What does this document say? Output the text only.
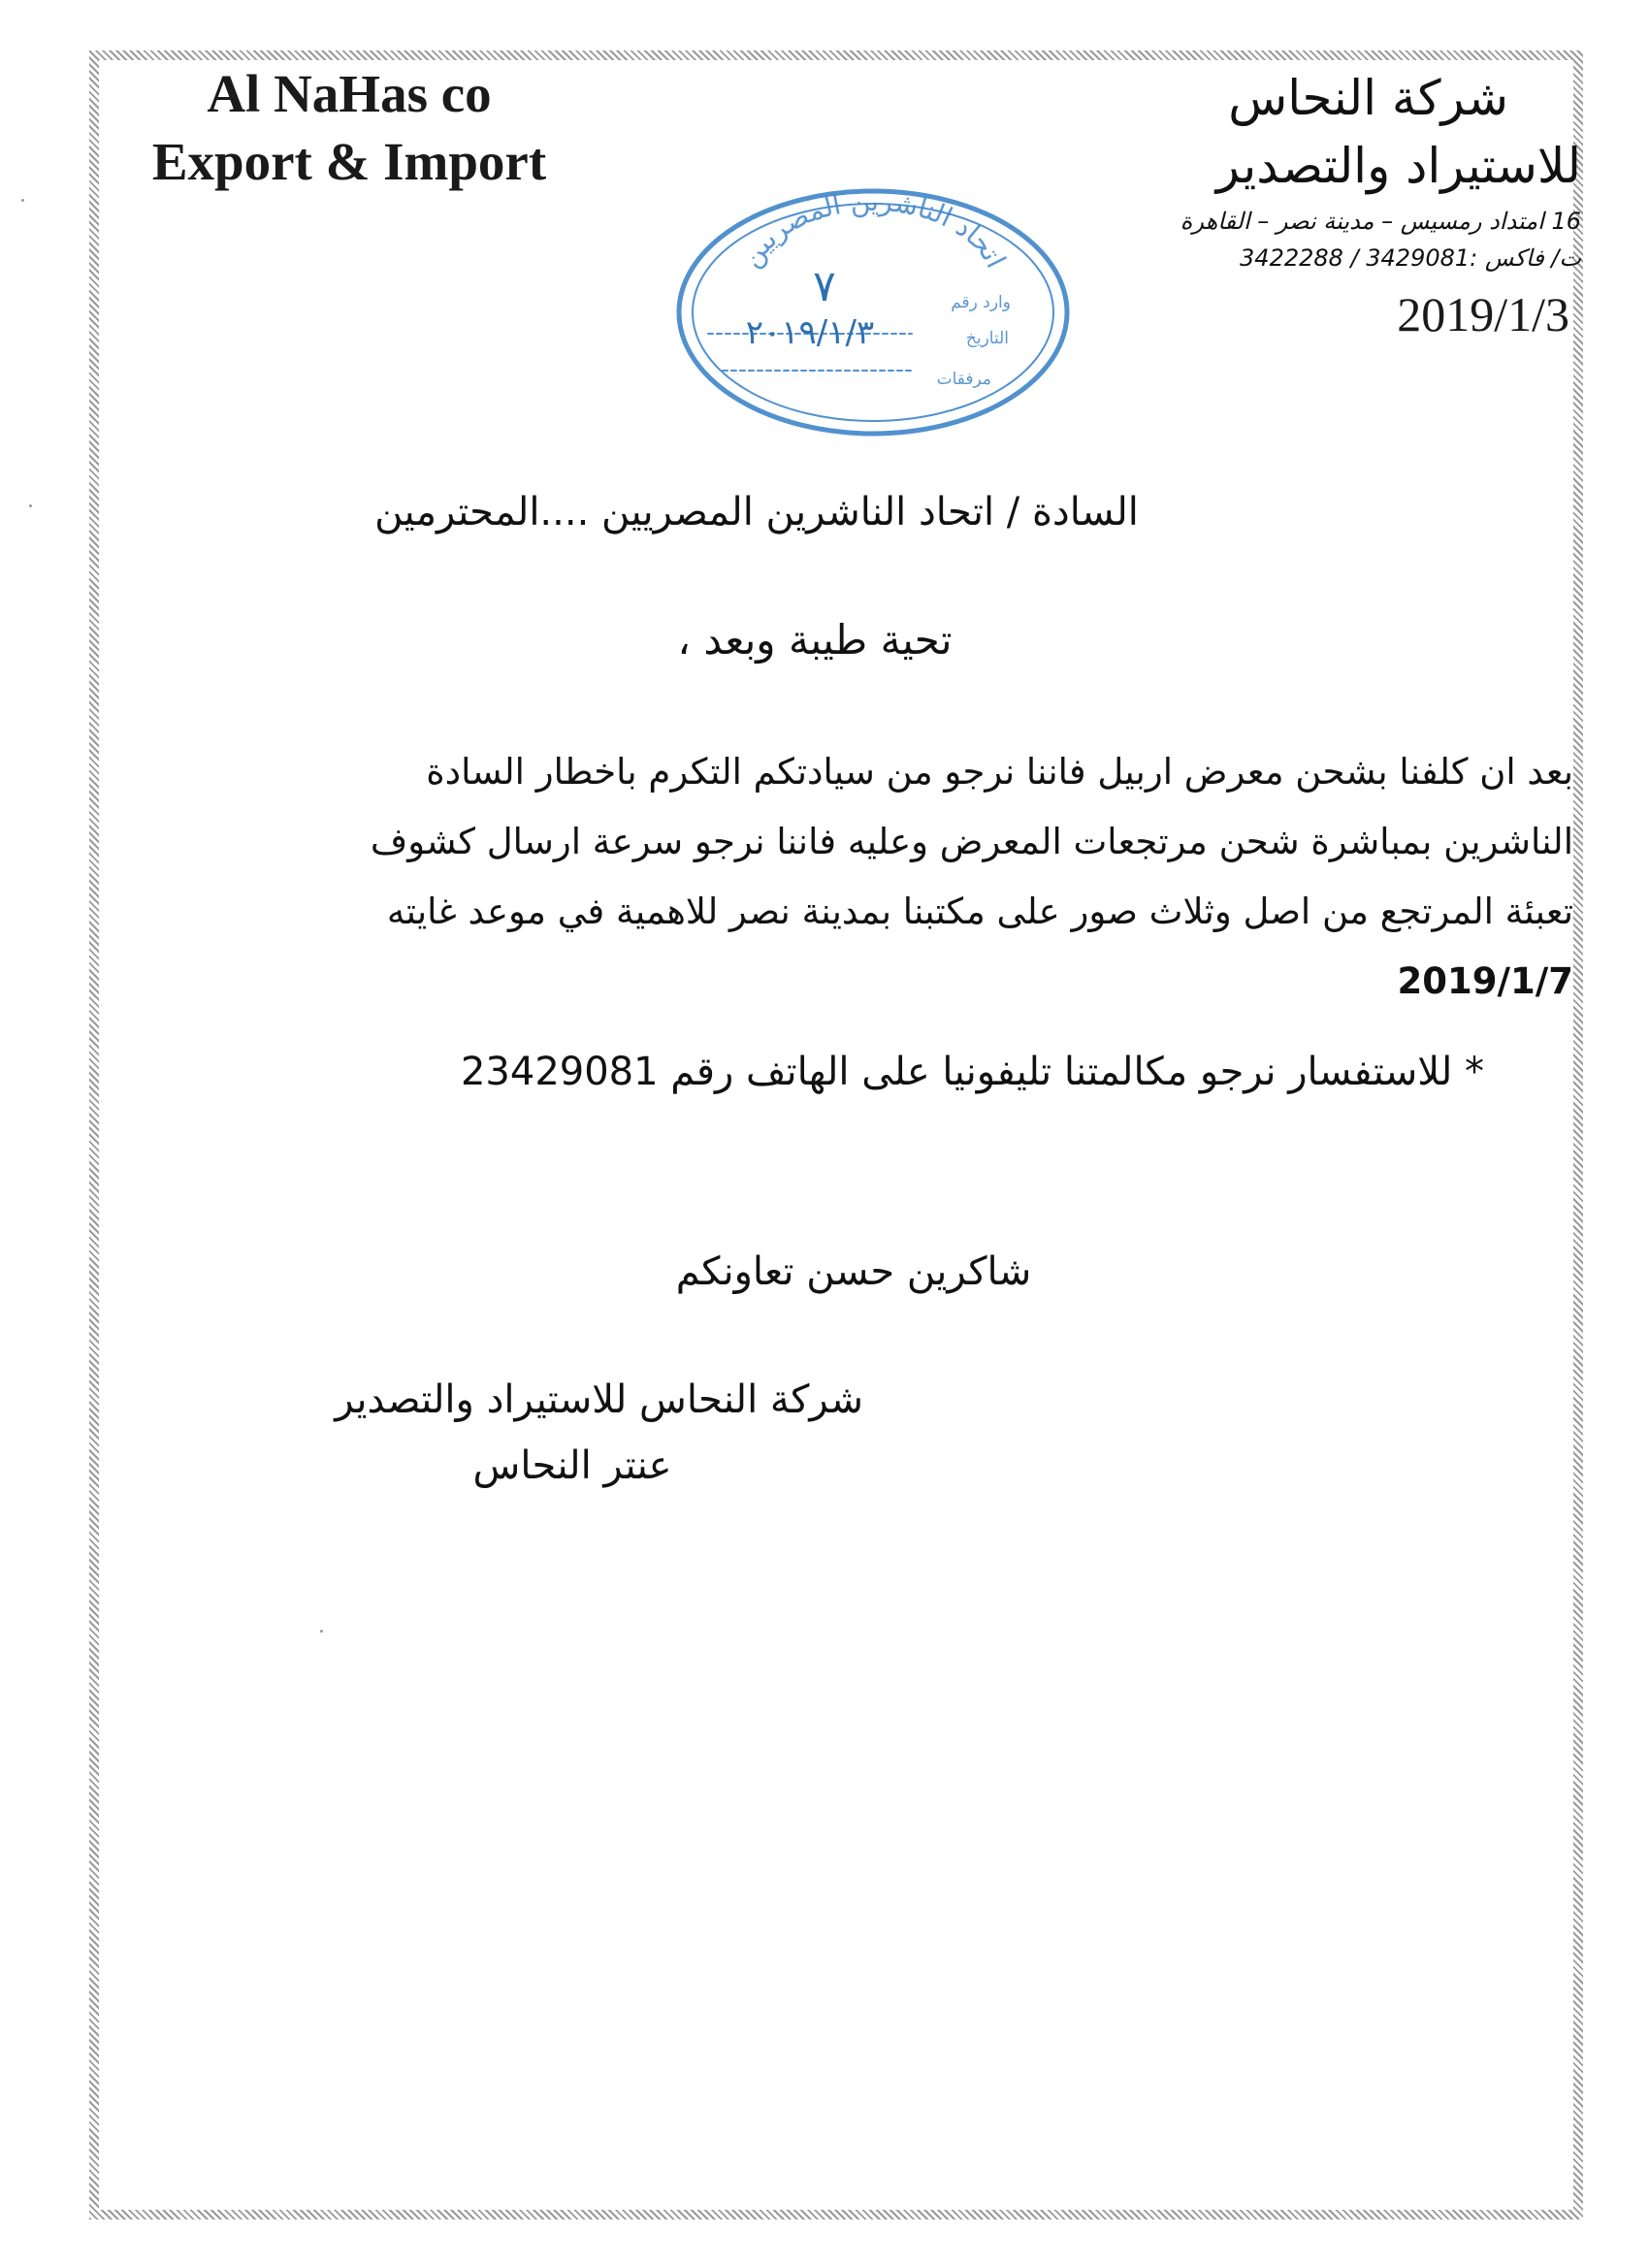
Al NaHas co
Export & Import
شركة النحاس
للاستيراد والتصدير
16 امتداد رمسيس – مدينة نصر – القاهرة
ت/ فاكس :3429081 / 3422288
2019/1/3
اتحاد الناشرين المصريين
وارد رقم
التاريخ
مرفقات
٧
٢٠١٩/١/٣
السادة / اتحاد الناشرين المصريين ....المحترمين
تحية طيبة وبعد ،
بعد ان كلفنا بشحن معرض اربيل فاننا نرجو من سيادتكم التكرم باخطار السادة
الناشرين بمباشرة شحن مرتجعات المعرض وعليه فاننا نرجو سرعة ارسال كشوف
تعبئة المرتجع من اصل وثلاث صور على مكتبنا بمدينة نصر للاهمية في موعد غايته
2019/1/7
* للاستفسار نرجو مكالمتنا تليفونيا على الهاتف رقم 23429081
شاكرين حسن تعاونكم
شركة النحاس للاستيراد والتصدير
عنتر النحاس
